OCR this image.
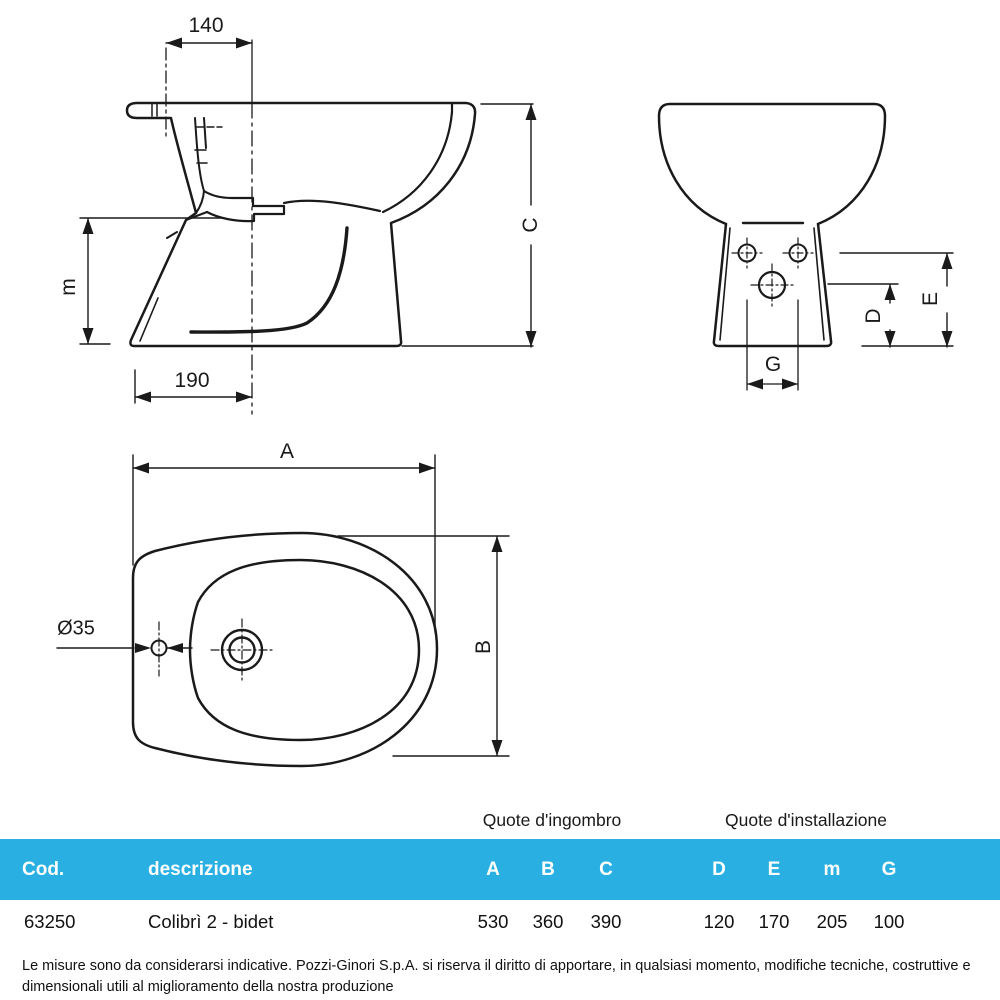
140
m
190
C
D
E
G
A
B
Ø35
Quote d'ingombro	Quote d'installazione
Cod.	descrizione	A B C	D E m G
63250	Colibrì 2 - bidet	530 360 390	120 170 205 100
Le misure sono da considerarsi indicative. Pozzi-Ginori S.p.A. si riserva il diritto di apportare, in qualsiasi momento, modifiche tecniche, costruttive e dimensionali utili al miglioramento della nostra produzione
